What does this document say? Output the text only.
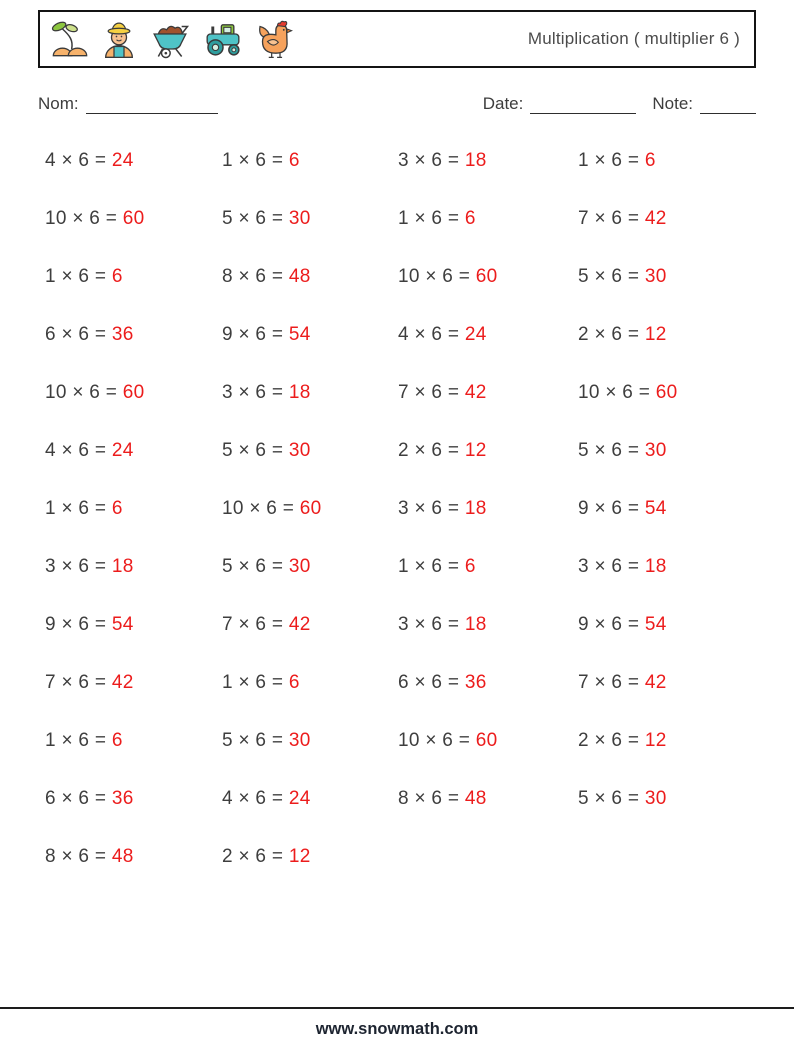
Multiplication ( multiplier 6 )
Nom:	Date:	Note:
4 × 6 = 24	1 × 6 = 6	3 × 6 = 18	1 × 6 = 6
10 × 6 = 60	5 × 6 = 30	1 × 6 = 6	7 × 6 = 42
1 × 6 = 6	8 × 6 = 48	10 × 6 = 60	5 × 6 = 30
6 × 6 = 36	9 × 6 = 54	4 × 6 = 24	2 × 6 = 12
10 × 6 = 60	3 × 6 = 18	7 × 6 = 42	10 × 6 = 60
4 × 6 = 24	5 × 6 = 30	2 × 6 = 12	5 × 6 = 30
1 × 6 = 6	10 × 6 = 60	3 × 6 = 18	9 × 6 = 54
3 × 6 = 18	5 × 6 = 30	1 × 6 = 6	3 × 6 = 18
9 × 6 = 54	7 × 6 = 42	3 × 6 = 18	9 × 6 = 54
7 × 6 = 42	1 × 6 = 6	6 × 6 = 36	7 × 6 = 42
1 × 6 = 6	5 × 6 = 30	10 × 6 = 60	2 × 6 = 12
6 × 6 = 36	4 × 6 = 24	8 × 6 = 48	5 × 6 = 30
8 × 6 = 48	2 × 6 = 12
www.snowmath.com
